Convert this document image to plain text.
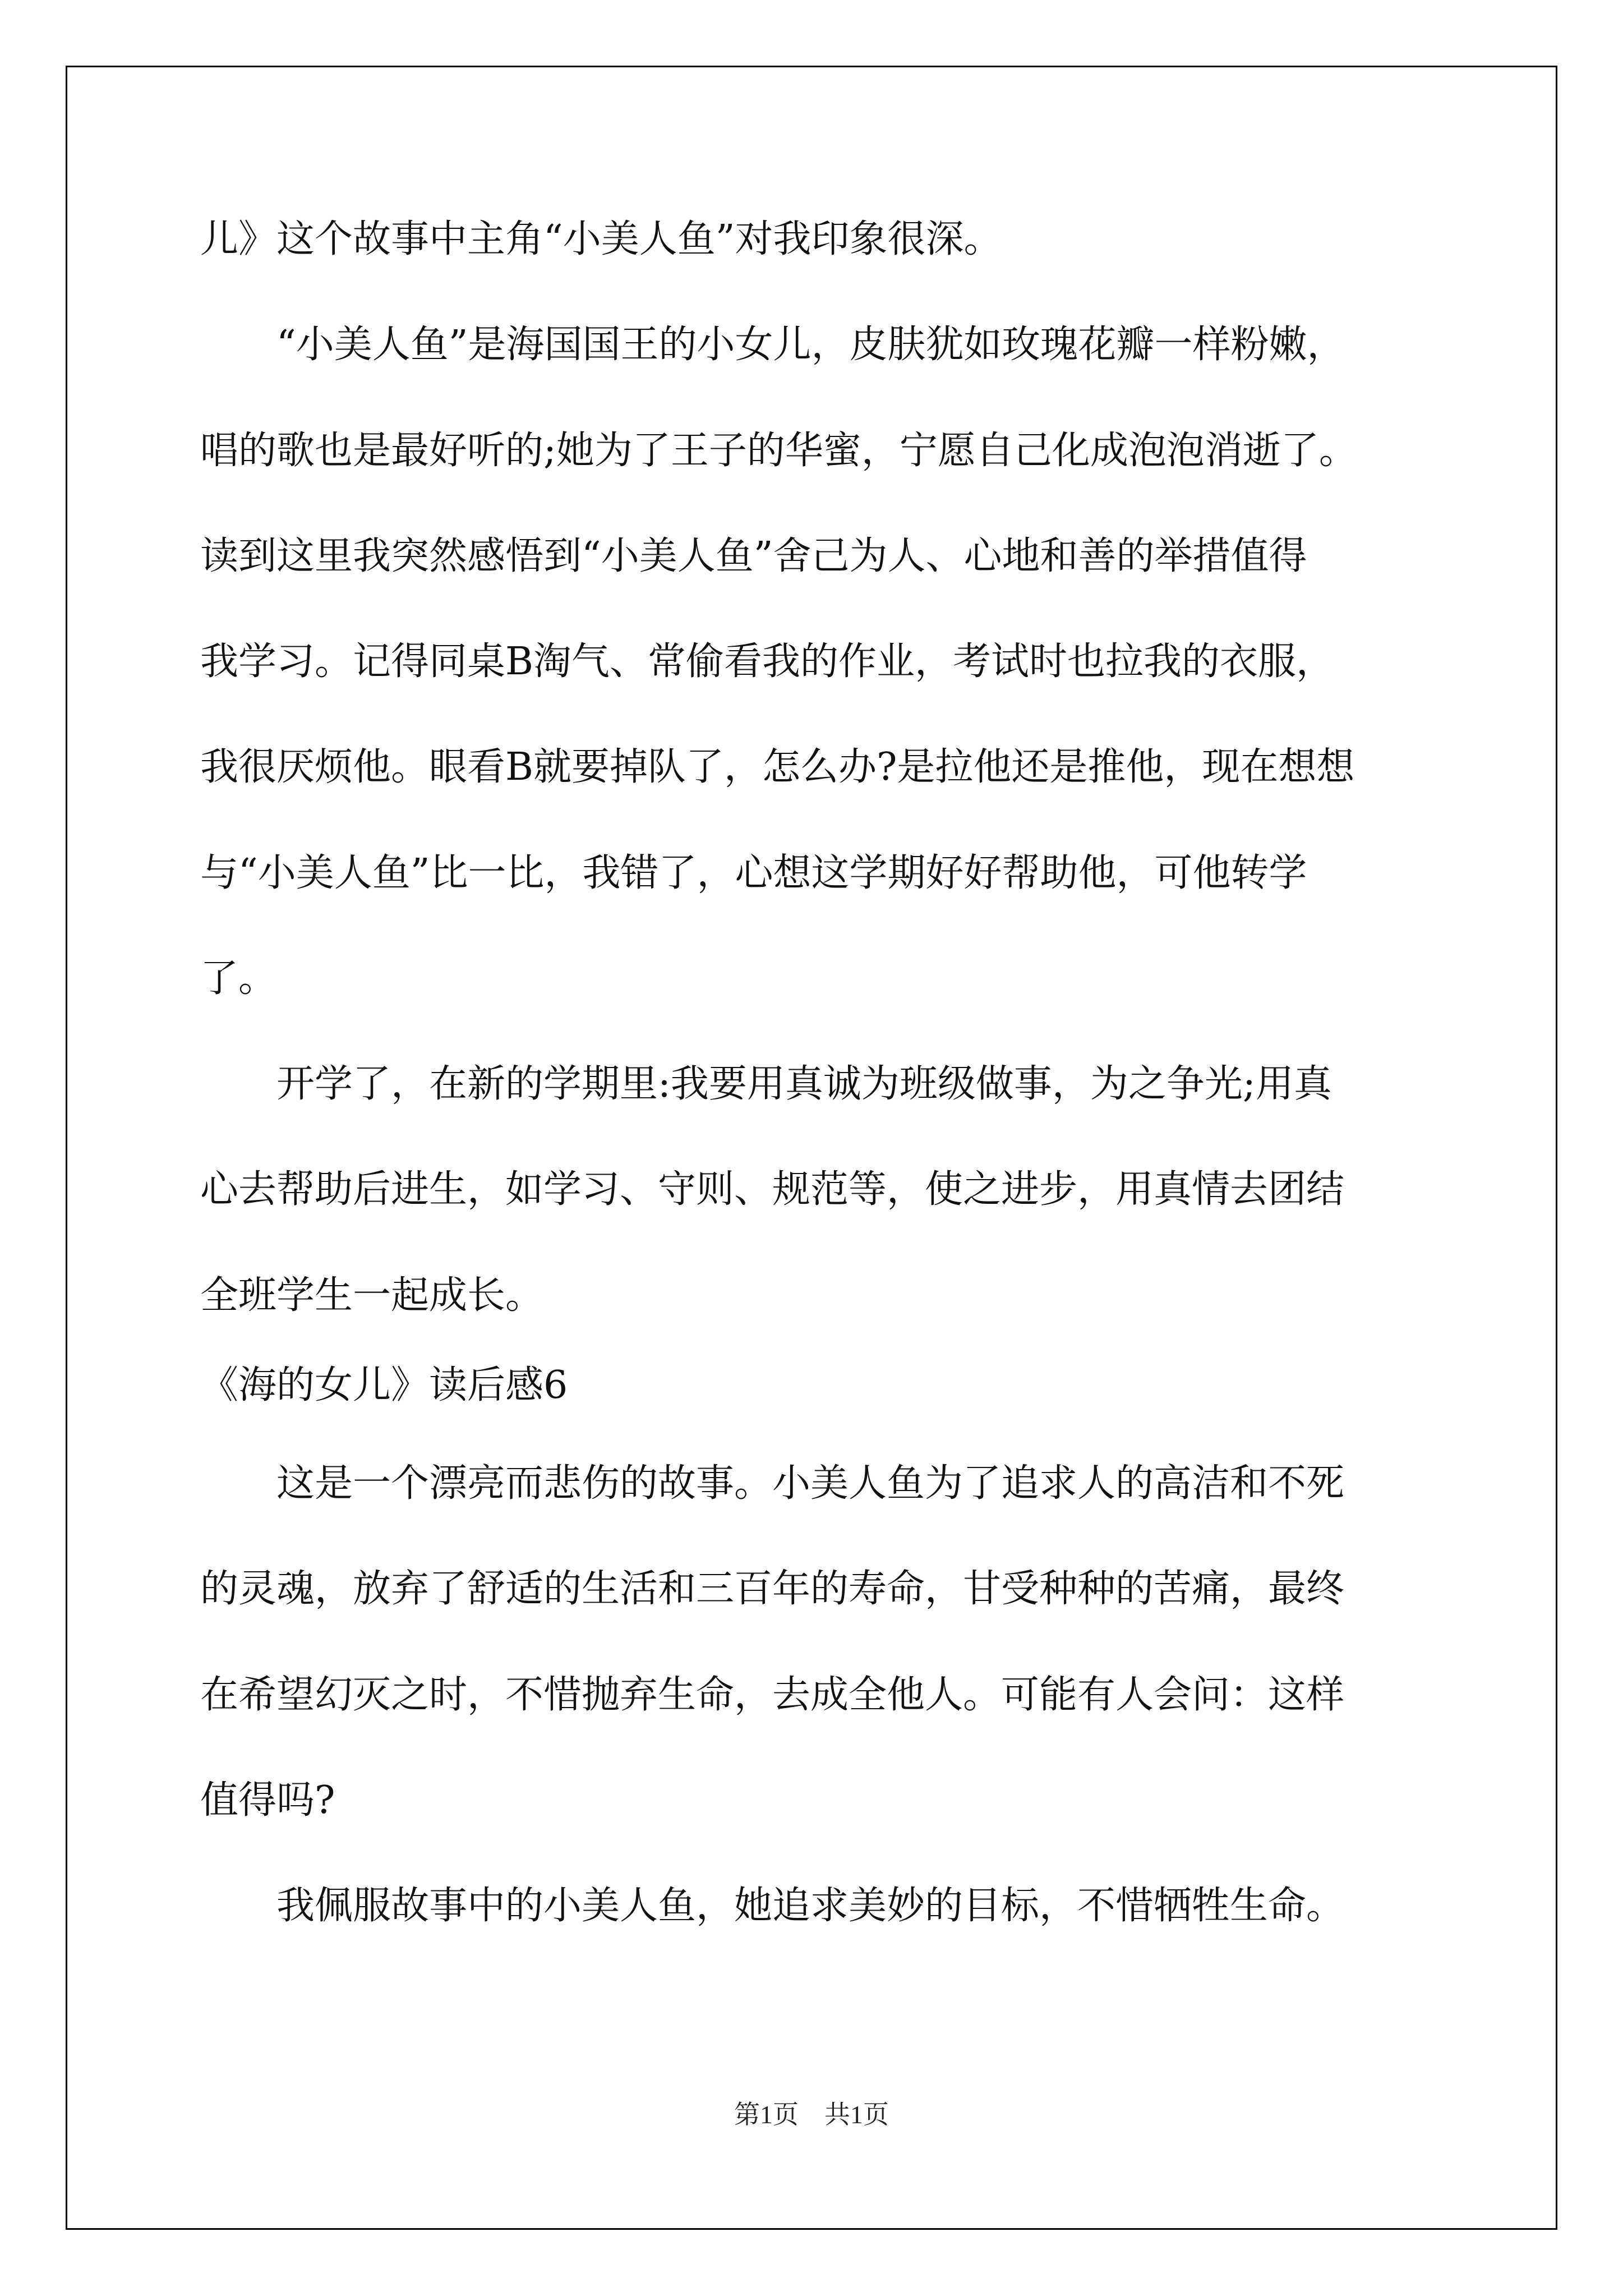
儿》这个故事中主角“小美人鱼”对我印象很深。
　　“小美人鱼”是海国国王的小女儿，皮肤犹如玫瑰花瓣一样粉嫩，
唱的歌也是最好听的;她为了王子的华蜜，宁愿自己化成泡泡消逝了。
读到这里我突然感悟到“小美人鱼”舍己为人、心地和善的举措值得
我学习。记得同桌B淘气、常偷看我的作业，考试时也拉我的衣服，
我很厌烦他。眼看B就要掉队了，怎么办?是拉他还是推他，现在想想
与“小美人鱼”比一比，我错了，心想这学期好好帮助他，可他转学
了。
　　开学了，在新的学期里:我要用真诚为班级做事，为之争光;用真
心去帮助后进生，如学习、守则、规范等，使之进步，用真情去团结
全班学生一起成长。
《海的女儿》读后感6
　　这是一个漂亮而悲伤的故事。小美人鱼为了追求人的高洁和不死
的灵魂，放弃了舒适的生活和三百年的寿命，甘受种种的苦痛，最终
在希望幻灭之时，不惜抛弃生命，去成全他人。可能有人会问：这样
值得吗?
　　我佩服故事中的小美人鱼，她追求美妙的目标，不惜牺牲生命。
第1页　共1页
